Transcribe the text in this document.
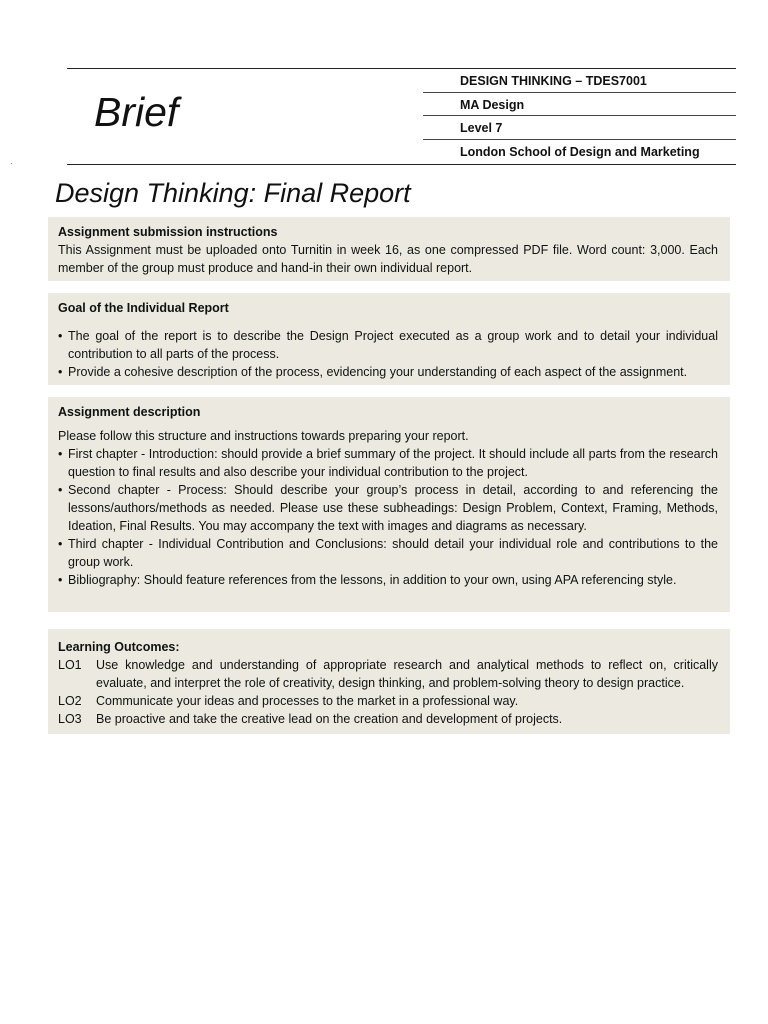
Brief
DESIGN THINKING – TDES7001
MA Design
Level 7
London School of Design and Marketing
·
Design Thinking: Final Report
Assignment submission instructions

This Assignment must be uploaded onto Turnitin in week 16, as one compressed PDF file. Word count: 3,000. Each member of the group must produce and hand-in their own individual report.

Goal of the Individual Report
• The goal of the report is to describe the Design Project executed as a group work and to detail your individual contribution to all parts of the process.
• Provide a cohesive description of the process, evidencing your understanding of each aspect of the assignment.
Assignment description

Please follow this structure and instructions towards preparing your report.

• First chapter - Introduction: should provide a brief summary of the project. It should include all parts from the research question to final results and also describe your individual contribution to the project.
• Second chapter - Process: Should describe your group’s process in detail, according to and referencing the lessons/authors/methods as needed. Please use these subheadings: Design Problem, Context, Framing, Methods, Ideation, Final Results. You may accompany the text with images and diagrams as necessary.
• Third chapter - Individual Contribution and Conclusions: should detail your individual role and contributions to the group work.
• Bibliography: Should feature references from the lessons, in addition to your own, using APA referencing style.
Learning Outcomes:
LO1	Use knowledge and understanding of appropriate research and analytical methods to reflect on, critically evaluate, and interpret the role of creativity, design thinking, and problem-solving theory to design practice.
LO2	Communicate your ideas and processes to the market in a professional way.
LO3	Be proactive and take the creative lead on the creation and development of projects.
